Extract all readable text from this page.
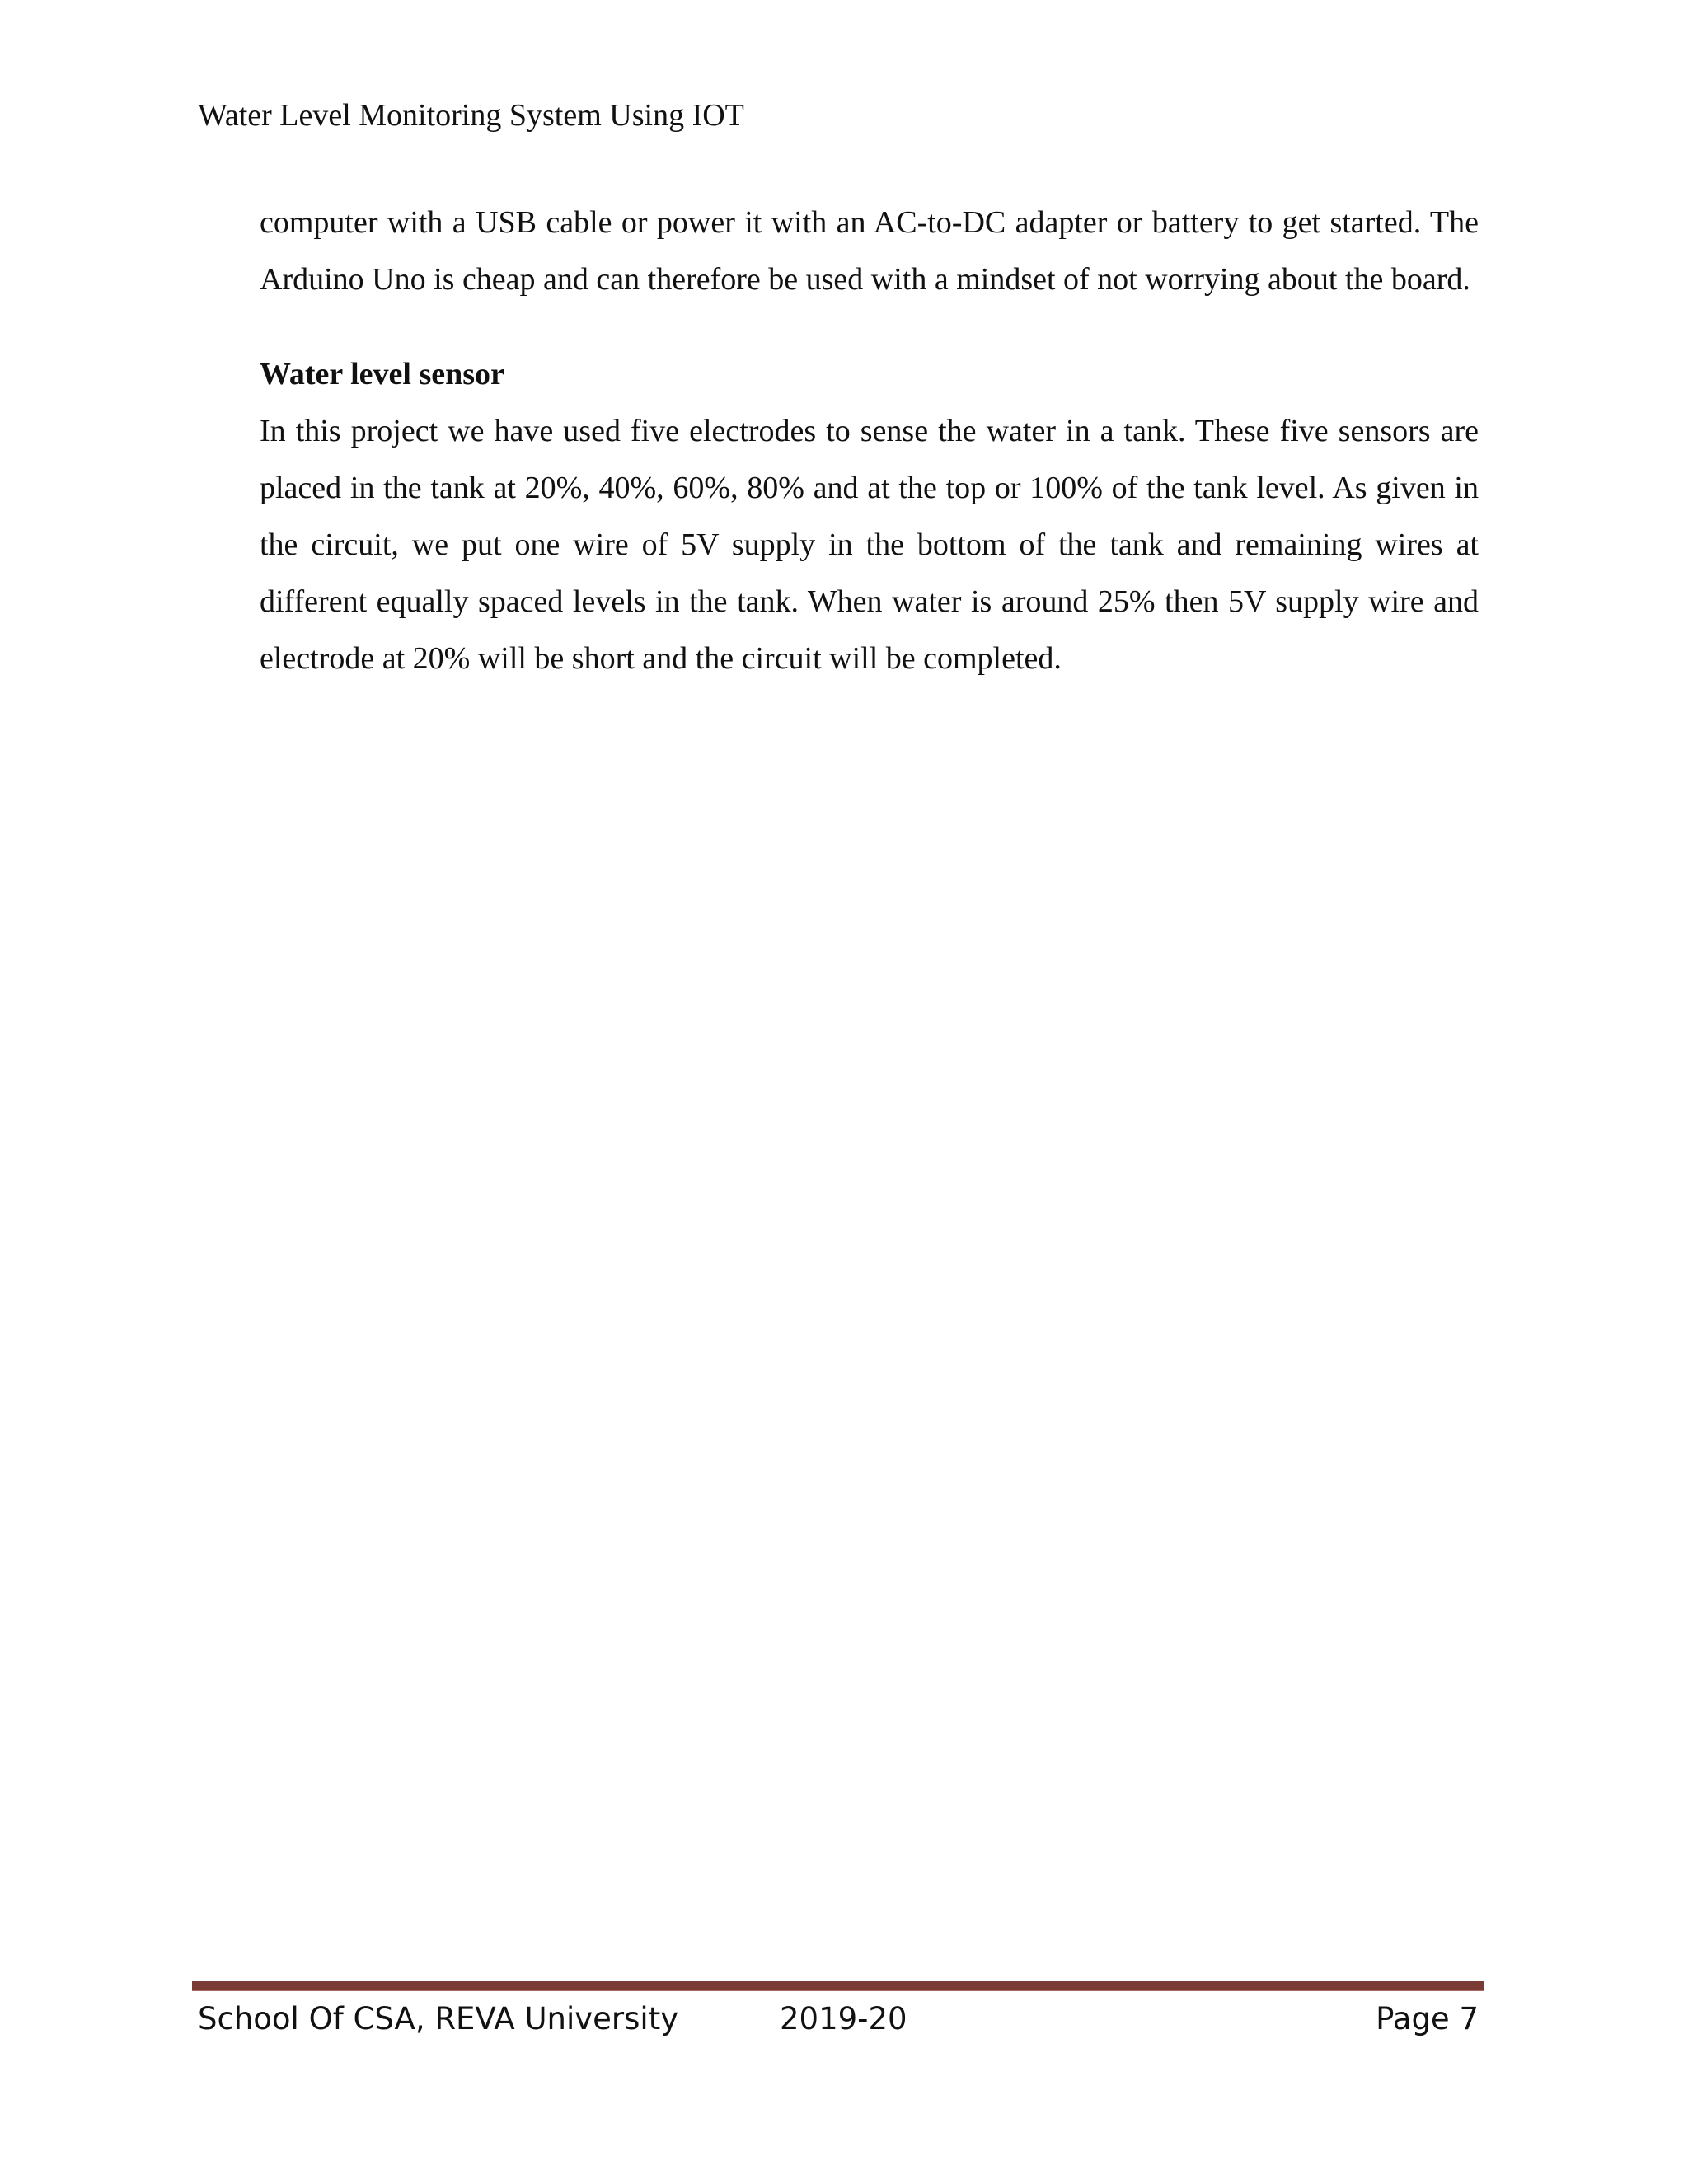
Water Level Monitoring System Using IOT

computer with a USB cable or power it with an AC-to-DC adapter or battery to get started. The Arduino Uno is cheap and can therefore be used with a mindset of not worrying about the board.

Water level sensor

In this project we have used five electrodes to sense the water in a tank. These five sensors are placed in the tank at 20%, 40%, 60%, 80% and at the top or 100% of the tank level. As given in the circuit, we put one wire of 5V supply in the bottom of the tank and remaining wires at different equally spaced levels in the tank. When water is around 25% then 5V supply wire and electrode at 20% will be short and the circuit will be completed.

School Of CSA, REVA University	2019-20	Page 7
